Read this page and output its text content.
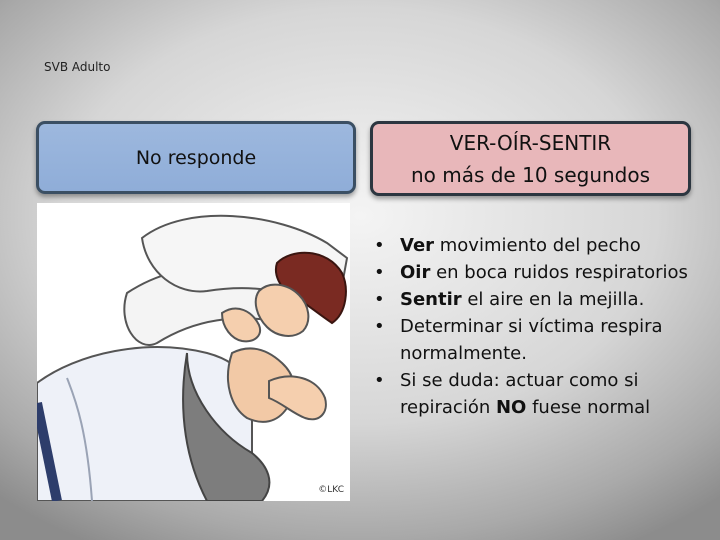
SVB Adulto
No responde
VER-OÍR-SENTIR
no más de 10 segundos
©LKC
• Ver movimiento del pecho
• Oir en boca ruidos respiratorios
• Sentir el aire en la mejilla.
• Determinar si víctima respira normalmente.
• Si se duda: actuar como si repiración NO fuese normal
